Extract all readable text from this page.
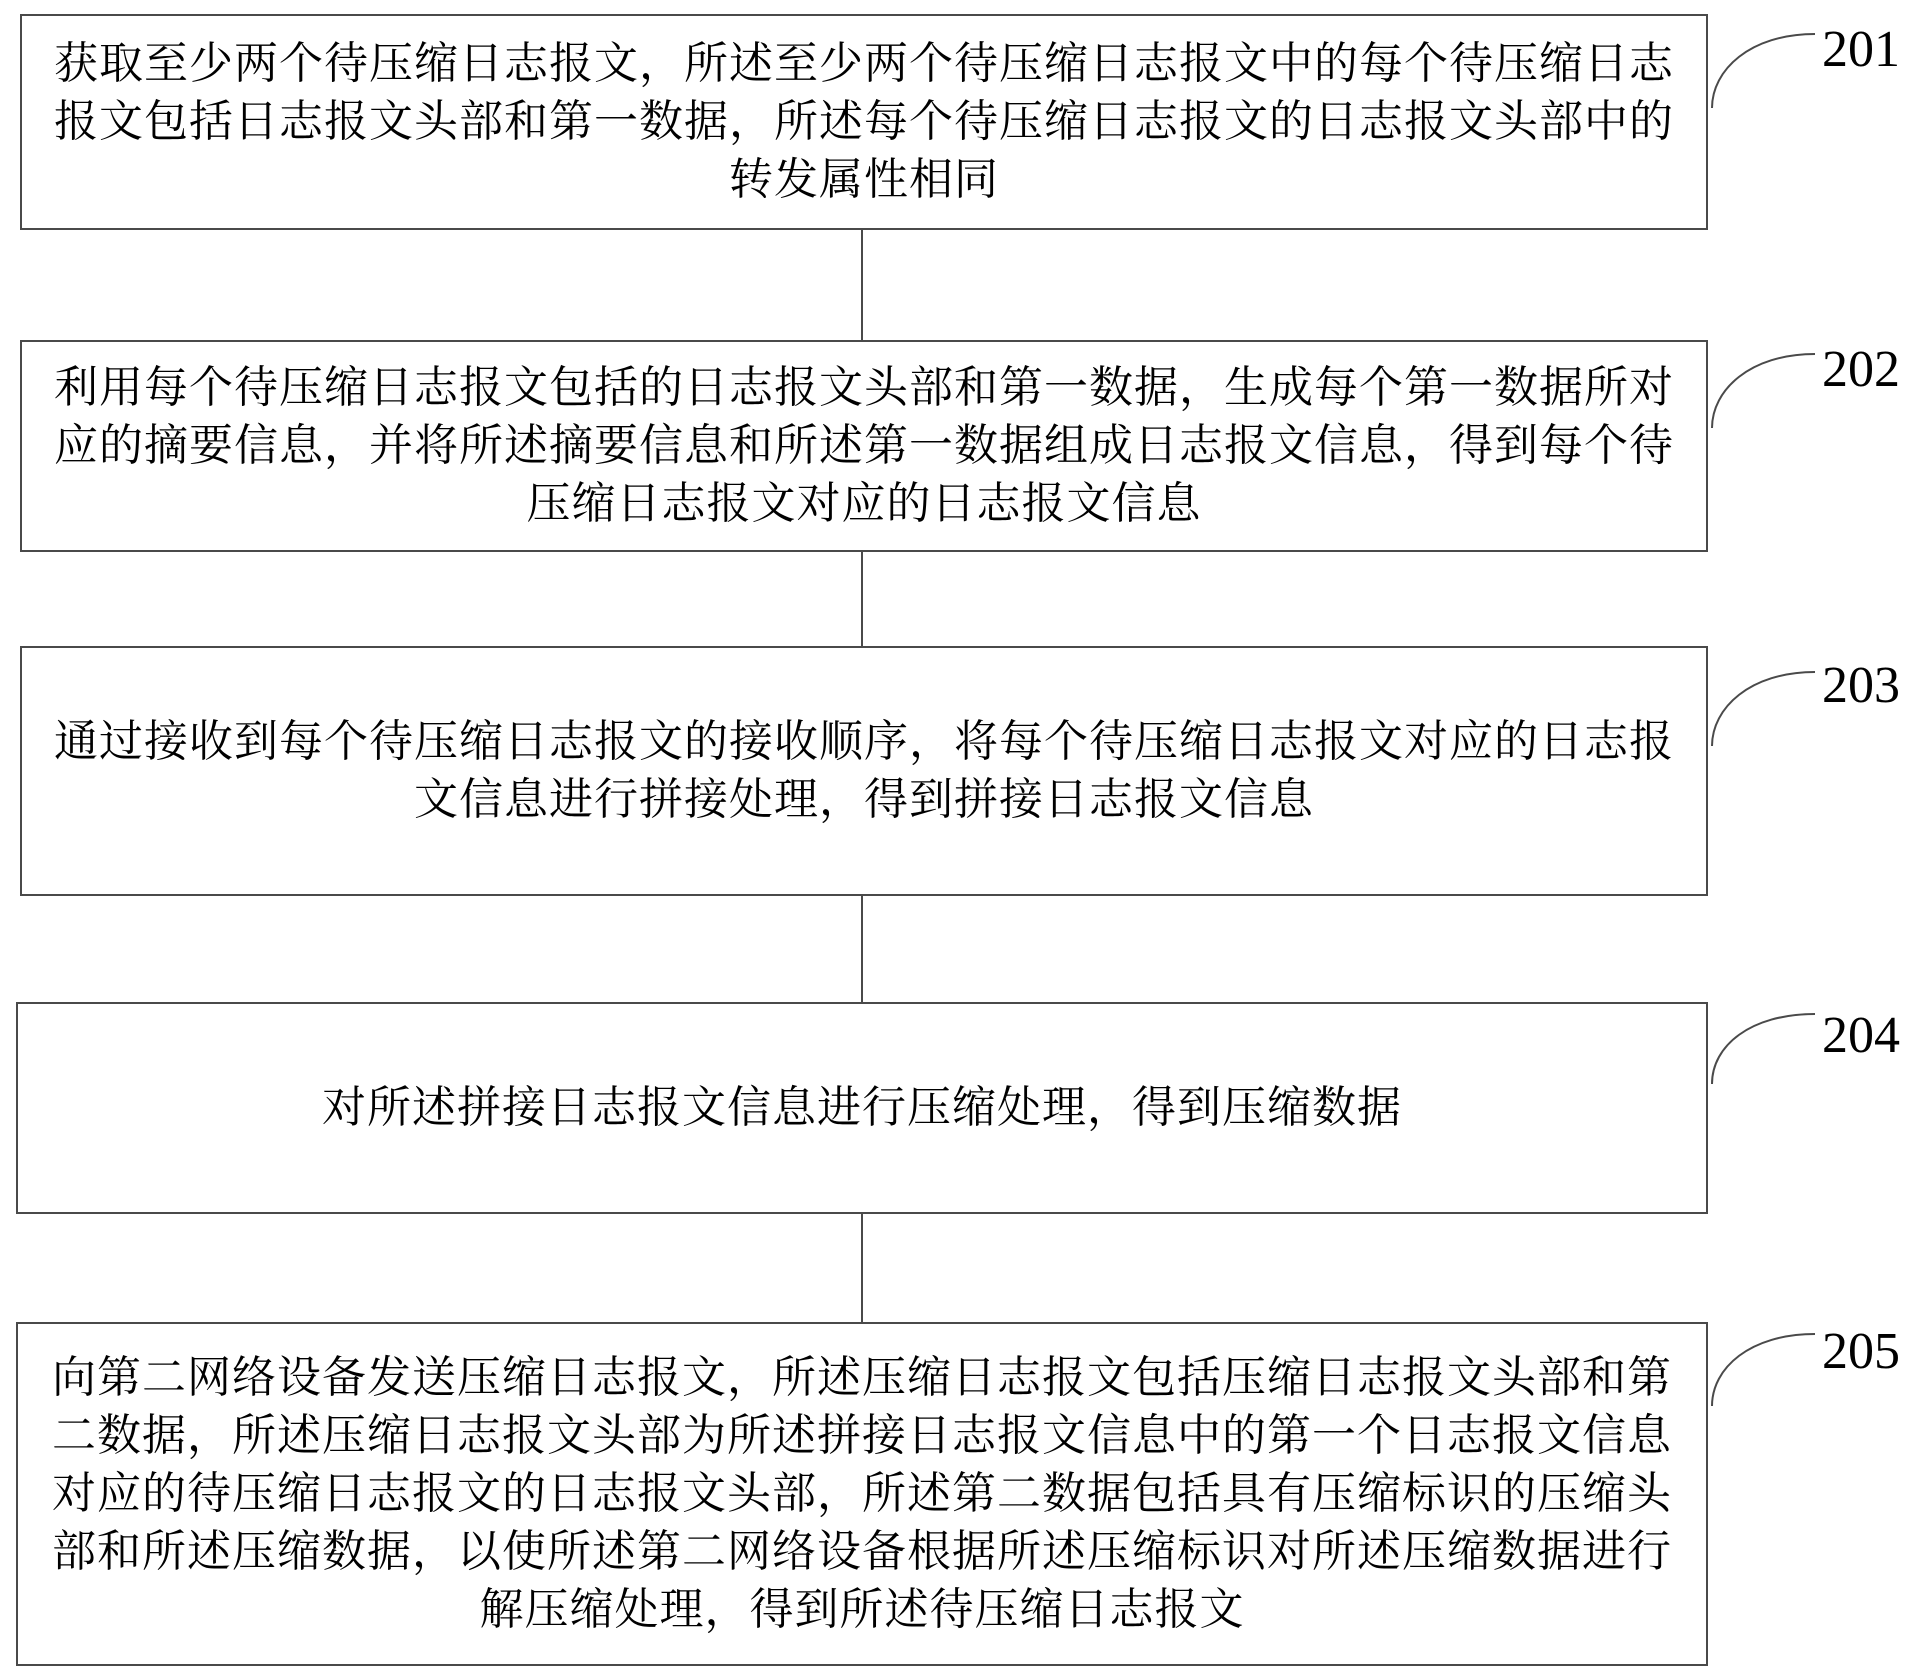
获取至少两个待压缩日志报文，所述至少两个待压缩日志报文中的每个待压缩日志报文包括日志报文头部和第一数据，所述每个待压缩日志报文的日志报文头部中的转发属性相同
201
利用每个待压缩日志报文包括的日志报文头部和第一数据，生成每个第一数据所对应的摘要信息，并将所述摘要信息和所述第一数据组成日志报文信息，得到每个待压缩日志报文对应的日志报文信息
202
通过接收到每个待压缩日志报文的接收顺序，将每个待压缩日志报文对应的日志报文信息进行拼接处理，得到拼接日志报文信息
203
对所述拼接日志报文信息进行压缩处理，得到压缩数据
204
向第二网络设备发送压缩日志报文，所述压缩日志报文包括压缩日志报文头部和第二数据，所述压缩日志报文头部为所述拼接日志报文信息中的第一个日志报文信息对应的待压缩日志报文的日志报文头部，所述第二数据包括具有压缩标识的压缩头部和所述压缩数据，以使所述第二网络设备根据所述压缩标识对所述压缩数据进行解压缩处理，得到所述待压缩日志报文
205
